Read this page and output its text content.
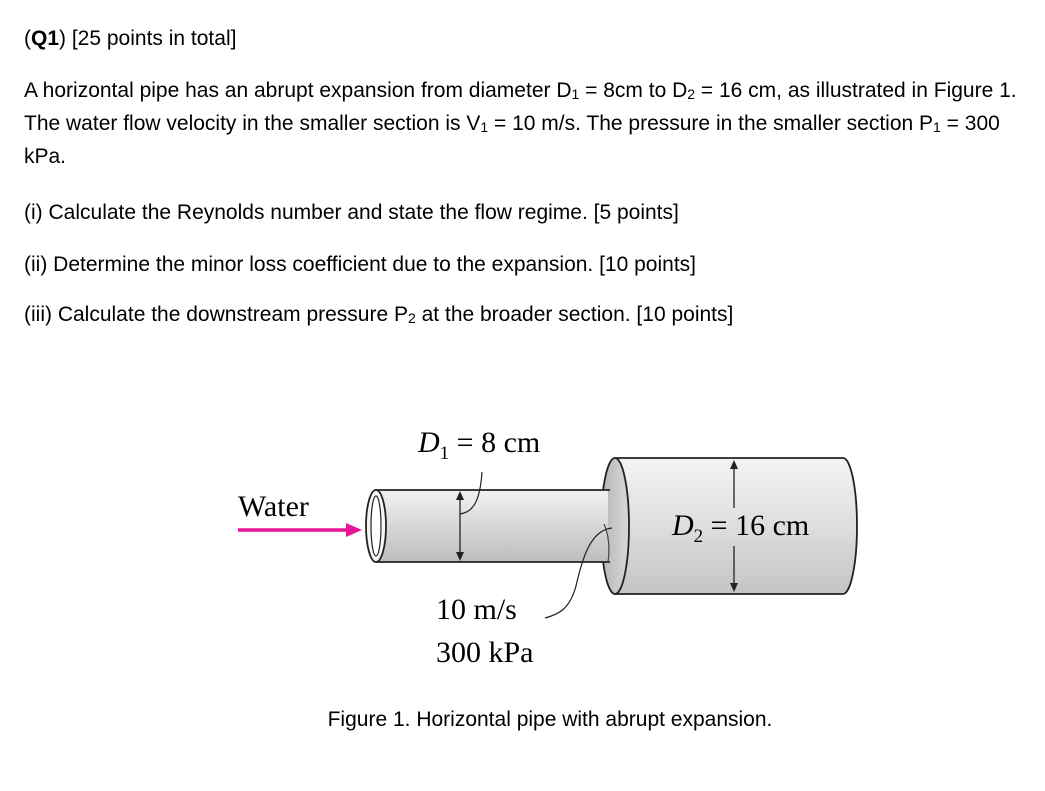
(Q1) [25 points in total]

A horizontal pipe has an abrupt expansion from diameter $D_1 = 8cm$ to $D_2 = 16$ cm, as illustrated in Figure 1. The water flow velocity in the smaller section is $V_1 = 10$ m/s. The pressure in the smaller section $P_1 = 300$ kPa.

(i) Calculate the Reynolds number and state the flow regime. [5 points]
(ii) Determine the minor loss coefficient due to the expansion. [10 points]
(iii) Calculate the downstream pressure $P_2$ at the broader section. [10 points]
$D_1 = 8$ cm
$D_2 = 16$ cm
Water
10 m/s
300 kPa
Figure 1. Horizontal pipe with abrupt expansion.
